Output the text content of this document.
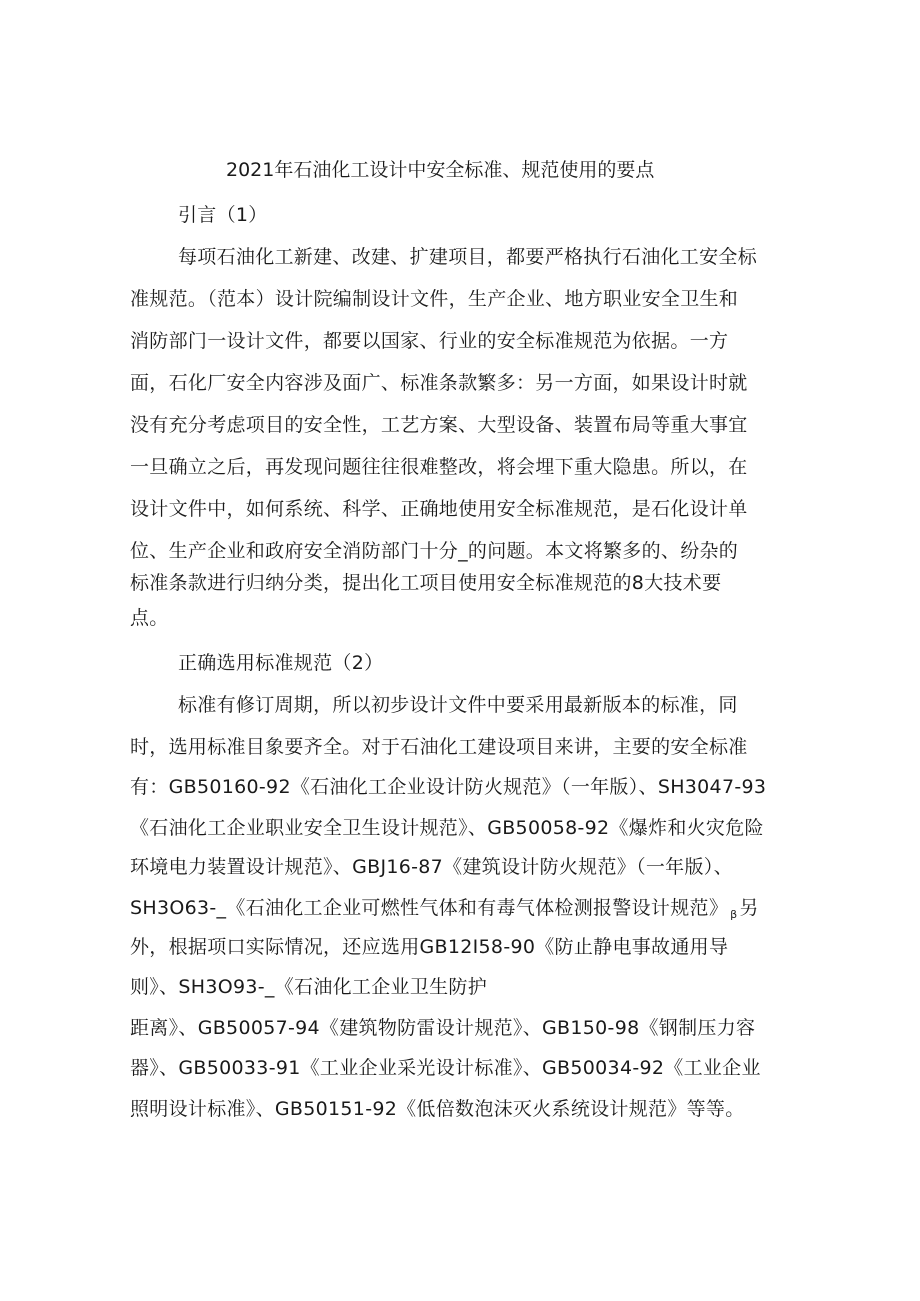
2021年石油化工设计中安全标准、规范使用的要点
引言（1）
每项石油化工新建、改建、扩建项目，都要严格执行石油化工安全标
准规范。（范本）设计院编制设计文件，生产企业、地方职业安全卫生和
消防部门一设计文件，都要以国家、行业的安全标准规范为依据。一方
面，石化厂安全内容涉及面广、标准条款繁多：另一方面，如果设计时就
没有充分考虑项目的安全性，工艺方案、大型设备、装置布局等重大事宜
一旦确立之后，再发现问题往往很难整改，将会埋下重大隐患。所以，在
设计文件中，如何系统、科学、正确地使用安全标准规范，是石化设计单
位、生产企业和政府安全消防部门十分_的问题。本文将繁多的、纷杂的
标准条款进行归纳分类，提出化工项目使用安全标准规范的8大技术要
点。
正确选用标准规范（2）
标准有修订周期，所以初步设计文件中要采用最新版本的标准，同
时，选用标准目象要齐全。对于石油化工建设项目来讲，主要的安全标准
有：GB50160-92《石油化工企业设计防火规范》（一年版）、SH3047-93
《石油化工企业职业安全卫生设计规范》、GB50058-92《爆炸和火灾危险
环境电力装置设计规范》、GBJ16-87《建筑设计防火规范》（一年版）、
SH3O63-_《石油化工企业可燃性气体和有毒气体检测报警设计规范》 $_\beta$ 另
外，根据项口实际情况，还应选用GB12I58-90《防止静电事故通用导
则》、SH3O93-_《石油化工企业卫生防护
距离》、GB50057-94《建筑物防雷设计规范》、GB150-98《钢制压力容
器》、GB50033-91《工业企业采光设计标准》、GB50034-92《工业企业
照明设计标准》、GB50151-92《低倍数泡沫灭火系统设计规范》等等。
